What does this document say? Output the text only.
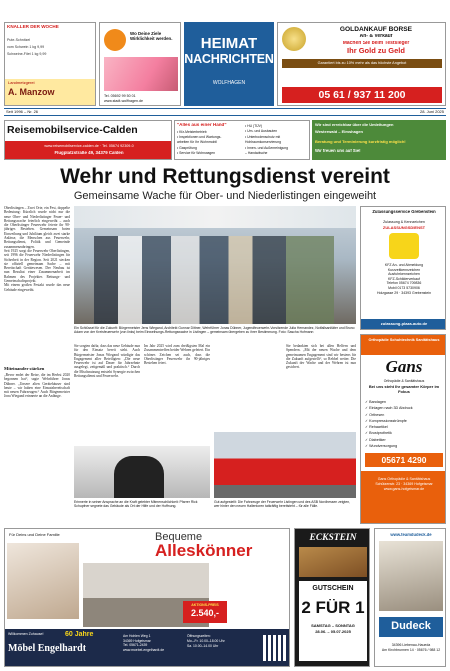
KNALLER DER WOCHE
Pute-Schnitzel
vom Schwein 1 kg 9,99
Schweine-Filet 1 kg 9,99
Landmetzgerei
A. Manzow
Wo Deine Ziele Wirklichkeit werden.
Tel. 05692 99 50 01
www.stadt-wolfhagen.de
HEIMAT
NACHRICHTEN
WOLFHAGEN
GOLDANKAUF BÖRSE
An- & Verkauf
Machen Sie beim Testsieger
Ihr Gold zu Geld
Garantiert bis zu 10% mehr als das höchste Angebot
05 61 / 937 11 200
Seit 1996 – Nr. 26	28. Juni 2025
Reisemobilservice-Calden
www.reisemobilservice-calden.de · Tel. 05674 92309-0
Flugplatzstraße 49, 34379 Calden
"Alles aus einer Hand"
• Kfz-Meisterbetrieb
• Inspektionen und Wartungs-
arbeiten für Ihr Wohnmobil
• Gasprüfung
• Service für Wohnwagen
• HU (TÜV)
• Um- und Ausbauten
• Unterbodenschutz mit
Hohlraumkonservierung
• Innen- und Außenreinigung
– Handwäsche
Wir sind erreichbar über die Umleitungen
Westerwald – Elmshagen
Beratung und Terminierung kurzfristig möglich!
Wir freuen uns auf Sie!
Wehr und Rettungsdienst vereint
Gemeinsame Wache für Ober- und Niederlistingen eingeweiht
Oberlistingen – Zwei Orte, ein Fest, doppelte Bedeutung: Kürzlich wurde nicht nur die neue Ober- und Niederlistinger Feuer- und Rettungswache feierlich eingeweiht – auch die Oberlistinger Feuerwehr feierte ihr 90-jähriges Bestehen. Gemeinsam boten Einweihung und Jubiläum gleich zwei starke Anlässe, die Menschen aus Feuerwehr, Rettungsdienst, Politik und Gemeinde zusammenzubringen.
Seit 1925 sorgt die Feuerwehr Oberlistingen, seit 1996 die Feuerwehr Niederlistingen für Sicherheit in der Region. Seit 2021 stecken sie offiziell gemeinsam Sache – mit Bereitschaft Gerätewesen. Der Neubau ist nun Resultat einer Zusammenarbeit im Rahmen des Projektes Rettungs- und Gemeinschaftsprojekt.
Mit einem großen Festakt wurde das neue Gebäude eingeweiht.
Miteinander stärken
„Bevor endet der Reise, die im Herbst 2020 begonnen hat“, sagte Wehrführer Jonas Dübner. „Unsere alten Gerätehäuser sind heute – wir haben eine Einsatzbereitschaft mit neuen Fahrzeugen.“ Auch Bürgermeister Jona Wiegand erinnerte an die Anfänge.
Ein Schlüssel für die Zukunft: Bürgermeister Jens Wiegand, Architekt Gunnar Dittner, Wehrführer Jonas Dübner, Jugendfeuerwehr-Vorsitzende Julia Hernandez, Notfallsanitäter und Bruno Adam von der Kreisfeuerwehr (von links) beim Einweihungs-Rettungswache in Listingen – gemeinsam übergeben zu ihrer Bestimmung. Foto: Sascha Hofmann
Sie sorgten dafür, dass das neue Gebäude nun für den Einsatz bereit steht. Auch Bürgermeister Jonas Wiegand würdigte das Engagement aller Beteiligten: „Die neue Feuerwehr ist auf Dauer für Jahrzehnte ausgelegt, zeitgemäß und praktisch.“ Durch die Mischnutzung entsteht Synergie zwischen Rettungsdienst und Feuerwehr.
Im Jahr 2025 wird zum dreißigsten Mal ein Zusammentreffen beider Wehren gefeiert. Ein schönes Zeichen sei auch, dass die Oberlistinger Feuerwehr ihr 90-jähriges Bestehen feiert.
Erinnerte in seiner Ansprache an die Kraft gelebter Mitmenschlichkeit: Pfarrer Rick Schupfner segnete das Gebäude als Ort der Hilfe und der Hoffnung.
Gut aufgestellt: Die Fahrzeuge der Feuerwehr Listingen und des ASB Nordhessen zeigten, wer hinter den neuen Hallentoren tatkräftig bereitsteht – für alle Fälle.
Sie bedankten sich bei allen Helfern und Spendern. „Mit der neuen Wache und dem gemeinsamen Engagement sind wir bestens für die Zukunft aufgestellt“, so Rebbel weiter. Die Zukunft der Wache und der Wehren ist nun gesichert.
Zulassungsservice Grebenstein
Zulassung & Kennzeichen
ZULASSUNGSDIENST
KFZ An- und Abmeldung
Kurzzeitkennzeichen
Ausfuhrkennzeichen
KFZ-Schilderverkauf
Telefon 05674 709836
Mobil 0173 5730906
Holzgasse 29 · 34393 Grebenstein
zulassung-plaza-auto.de
Orthopädie Schuhtechnik Sanitätshaus
Gans
Orthopädie & Sanitätshaus
Bei uns steht Ihr gesamter Körper im Fokus
✓ Bandagen
✓ Einlagen nach 3D Abdruck
✓ Orthesen
✓ Kompressionsstrümpfe
✓ Rehaartikel
✓ Brustprothetik
✓ Diabetiker
✓ Wundversorgung
05671 4290
Gans Orthopädie & Sanitätshaus
Schützenstr. 23 · 34369 Hofgeismar
www.gans-hofgeismar.de
Für Deins und Deine Familie	Bequeme
Alleskönner
AKTIONS-PREIS
2.540,-
Willkommen Zuhause!	60 Jahre
Möbel Engelhardt
Am Hohlen Weg 1
34369 Hofgeismar
Tel. 05671-2439
www.moebel-engelhardt.de
Öffnungszeiten:
Mo.–Fr. 10.00–18.00 Uhr
Sa. 10.00–14.00 Uhr
ECKSTEIN
GUTSCHEIN
2 FÜR 1
SAMSTAG – SONNTAG
28.06. – 05.07.2025
www.teamdudeck.de
Dudeck
34396 Liebenau-Haueda
Am Kirchbrunnen 14 · 05676 / 988 12
